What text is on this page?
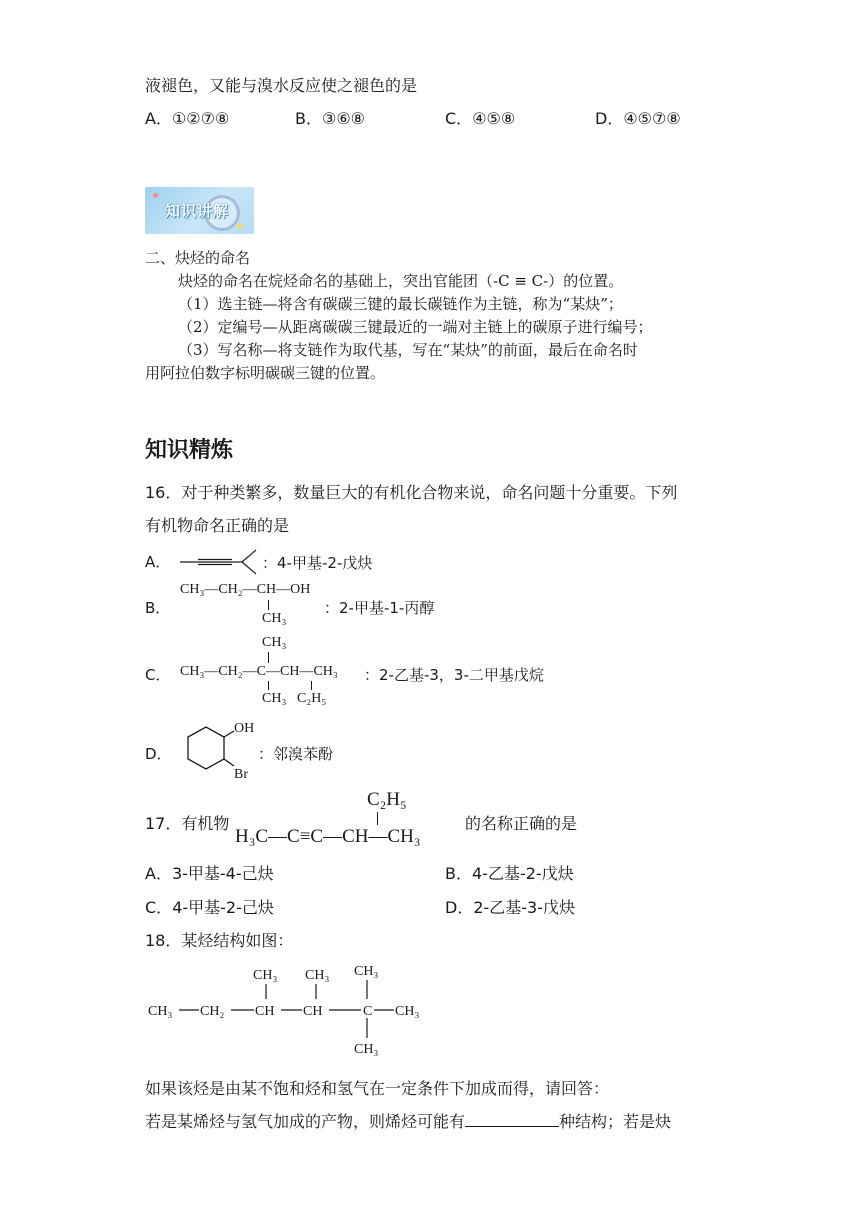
液褪色，又能与溴水反应使之褪色的是
A．①②⑦⑧	B．③⑥⑧	C．④⑤⑧	D．④⑤⑦⑧
知识讲解
二、炔烃的命名
炔烃的命名在烷烃命名的基础上，突出官能团（-C ≡ C-）的位置。
（1）选主链—将含有碳碳三键的最长碳链作为主链，称为“某炔”；
（2）定编号—从距离碳碳三键最近的一端对主链上的碳原子进行编号；
（3）写名称—将支链作为取代基，写在“某炔”的前面，最后在命名时
用阿拉伯数字标明碳碳三键的位置。
知识精炼
16．对于种类繁多，数量巨大的有机化合物来说，命名问题十分重要。下列
有机物命名正确的是
A．	：4-甲基-2-戊炔
B．
CH₃—CH₂—CH—OH
CH₃
：2-甲基-1-丙醇
C．
CH₃
CH₃—CH₂—C—CH—CH₃
CH₃ C₂H₅
：2-乙基-3，3-二甲基戊烷
D．
OH
Br
：邻溴苯酚
17．有机物
C₂H₅
H₃C—C≡C—CH—CH₃
的名称正确的是
A．3-甲基-4-己炔	B．4-乙基-2-戊炔
C．4-甲基-2-己炔	D．2-乙基-3-戊炔
18．某烃结构如图：
CH₃ CH₃ CH₃
CH₃ CH₂ CH CH	C CH₃
CH₃
如果该烃是由某不饱和烃和氢气在一定条件下加成而得，请回答：
若是某烯烃与氢气加成的产物，则烯烃可能有	种结构；若是炔
